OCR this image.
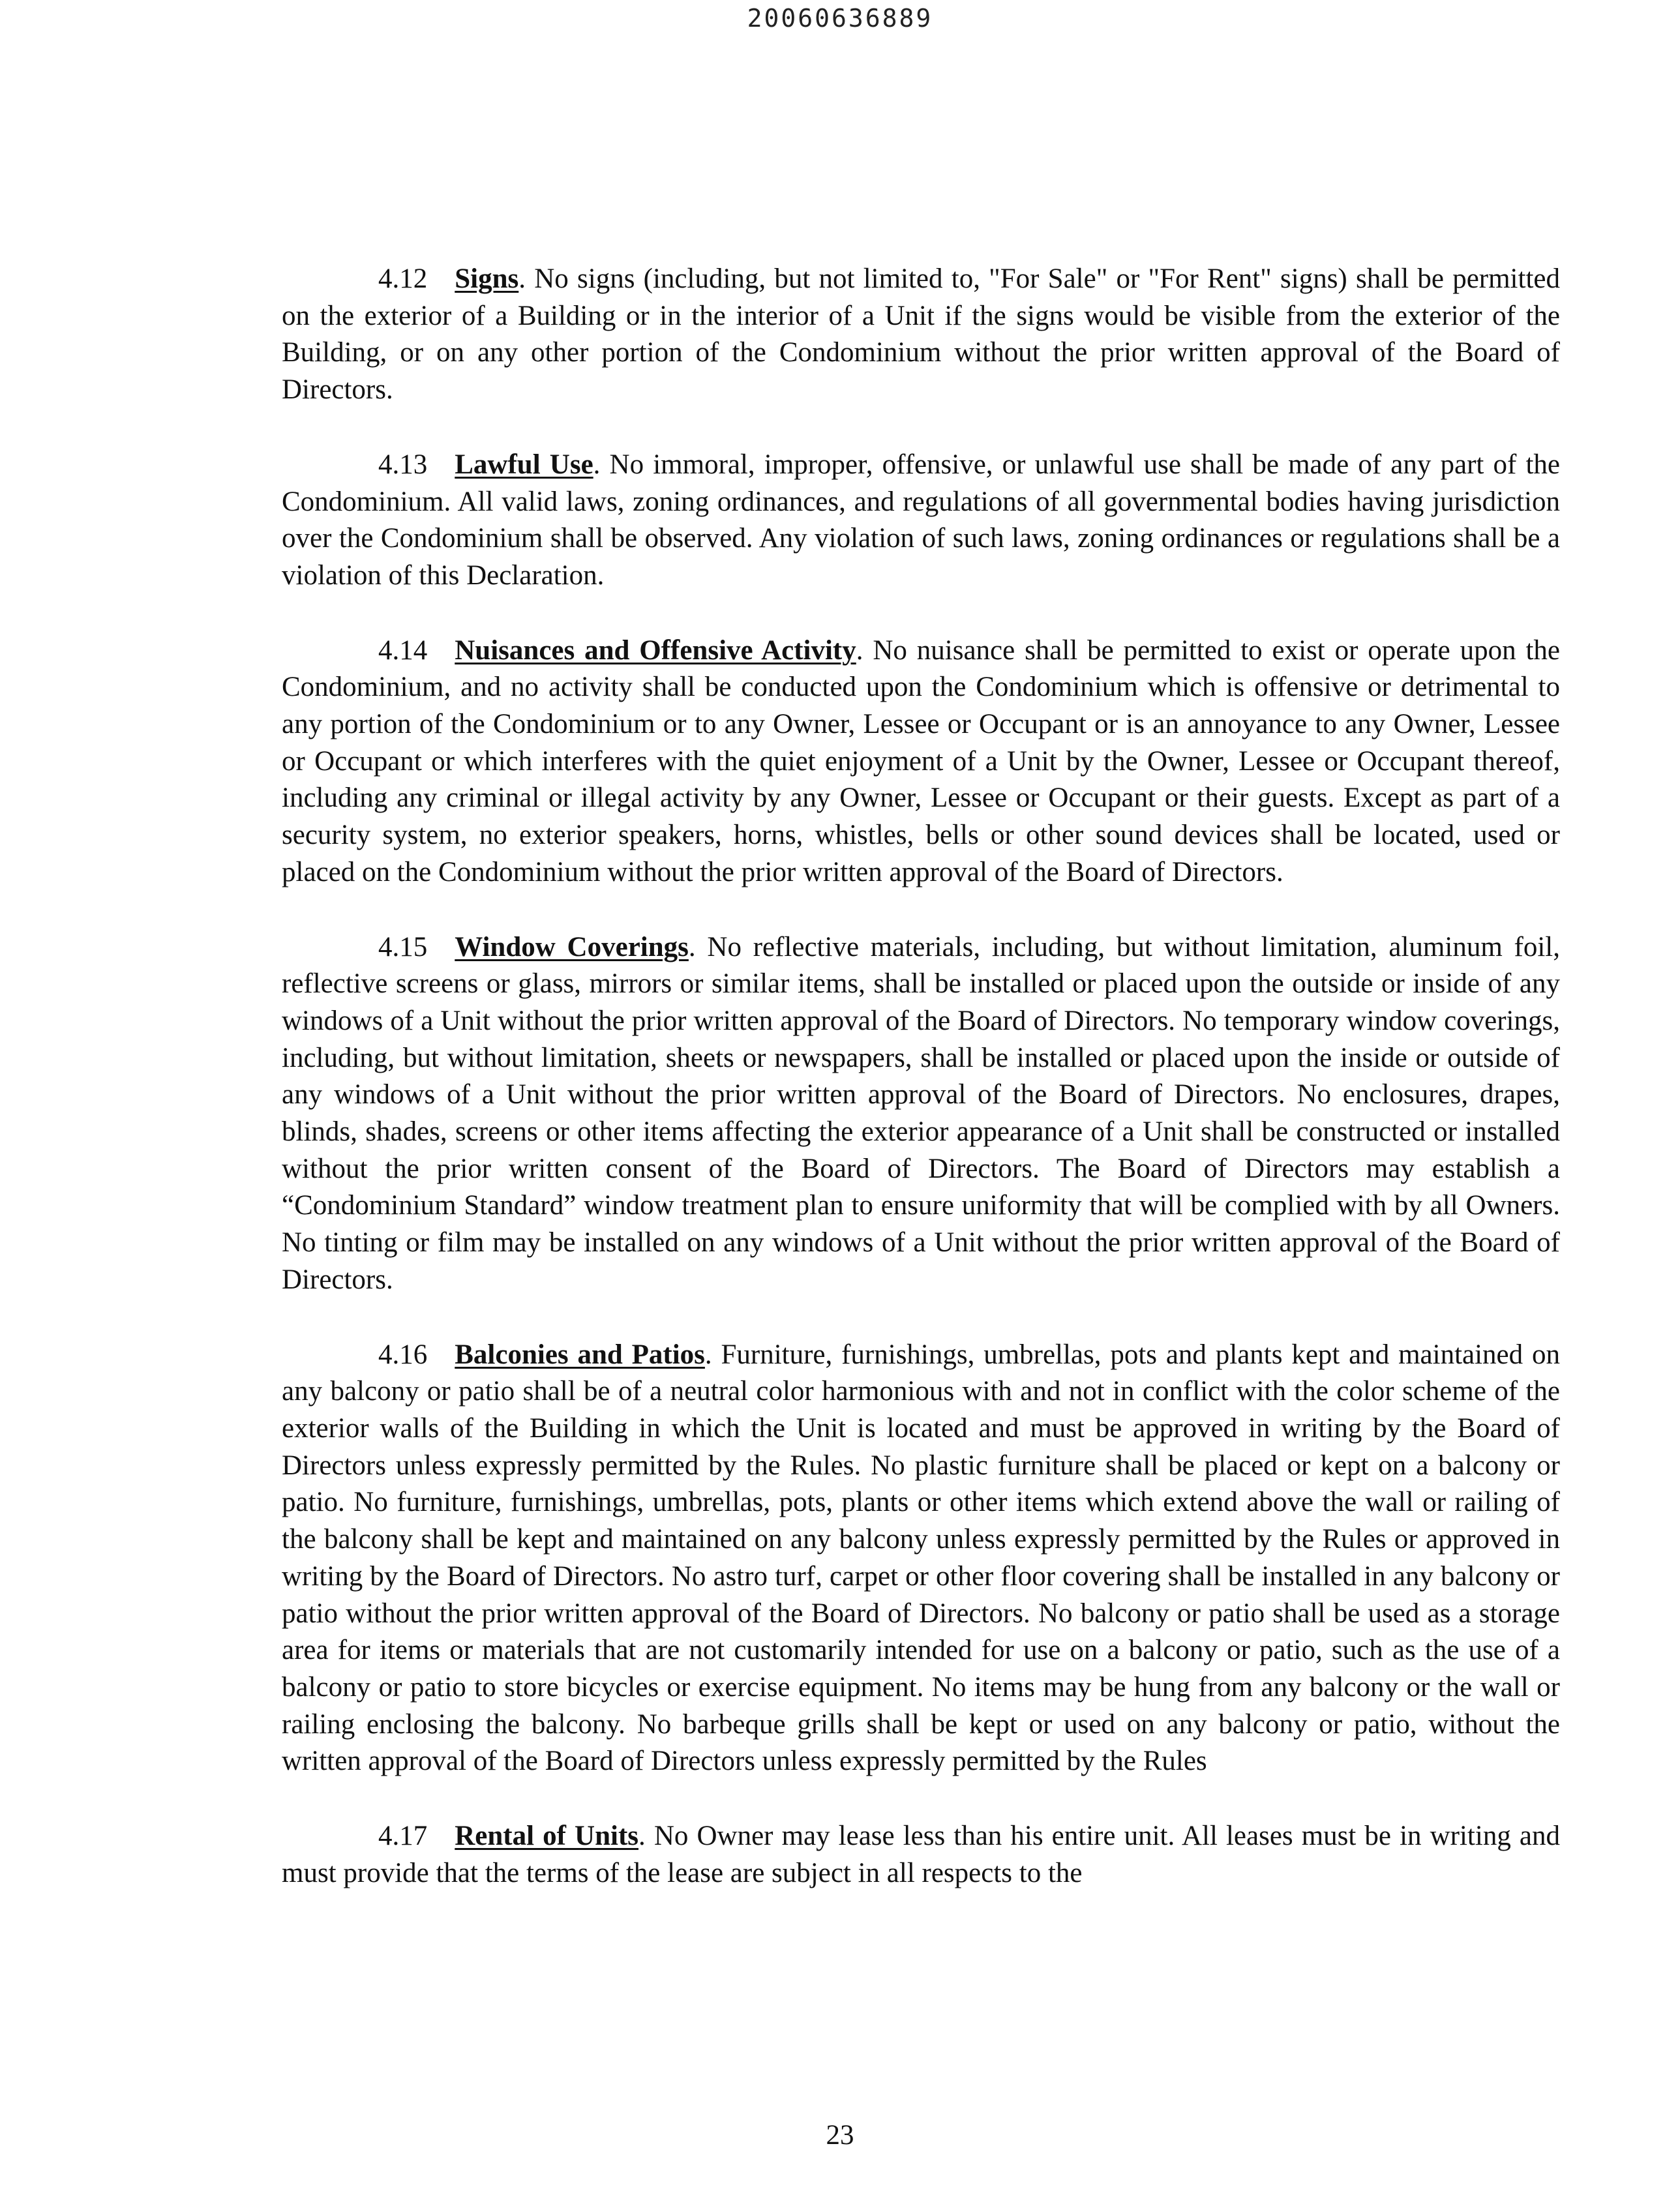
20060636889

4.12 Signs. No signs (including, but not limited to, "For Sale" or "For Rent" signs) shall be permitted on the exterior of a Building or in the interior of a Unit if the signs would be visible from the exterior of the Building, or on any other portion of the Condominium without the prior written approval of the Board of Directors.

4.13 Lawful Use. No immoral, improper, offensive, or unlawful use shall be made of any part of the Condominium. All valid laws, zoning ordinances, and regulations of all governmental bodies having jurisdiction over the Condominium shall be observed. Any violation of such laws, zoning ordinances or regulations shall be a violation of this Declaration.

4.14 Nuisances and Offensive Activity. No nuisance shall be permitted to exist or operate upon the Condominium, and no activity shall be conducted upon the Condominium which is offensive or detrimental to any portion of the Condominium or to any Owner, Lessee or Occupant or is an annoyance to any Owner, Lessee or Occupant or which interferes with the quiet enjoyment of a Unit by the Owner, Lessee or Occupant thereof, including any criminal or illegal activity by any Owner, Lessee or Occupant or their guests. Except as part of a security system, no exterior speakers, horns, whistles, bells or other sound devices shall be located, used or placed on the Condominium without the prior written approval of the Board of Directors.

4.15 Window Coverings. No reflective materials, including, but without limitation, aluminum foil, reflective screens or glass, mirrors or similar items, shall be installed or placed upon the outside or inside of any windows of a Unit without the prior written approval of the Board of Directors. No temporary window coverings, including, but without limitation, sheets or newspapers, shall be installed or placed upon the inside or outside of any windows of a Unit without the prior written approval of the Board of Directors. No enclosures, drapes, blinds, shades, screens or other items affecting the exterior appearance of a Unit shall be constructed or installed without the prior written consent of the Board of Directors. The Board of Directors may establish a “Condominium Standard” window treatment plan to ensure uniformity that will be complied with by all Owners. No tinting or film may be installed on any windows of a Unit without the prior written approval of the Board of Directors.

4.16 Balconies and Patios. Furniture, furnishings, umbrellas, pots and plants kept and maintained on any balcony or patio shall be of a neutral color harmonious with and not in conflict with the color scheme of the exterior walls of the Building in which the Unit is located and must be approved in writing by the Board of Directors unless expressly permitted by the Rules. No plastic furniture shall be placed or kept on a balcony or patio. No furniture, furnishings, umbrellas, pots, plants or other items which extend above the wall or railing of the balcony shall be kept and maintained on any balcony unless expressly permitted by the Rules or approved in writing by the Board of Directors. No astro turf, carpet or other floor covering shall be installed in any balcony or patio without the prior written approval of the Board of Directors. No balcony or patio shall be used as a storage area for items or materials that are not customarily intended for use on a balcony or patio, such as the use of a balcony or patio to store bicycles or exercise equipment. No items may be hung from any balcony or the wall or railing enclosing the balcony. No barbeque grills shall be kept or used on any balcony or patio, without the written approval of the Board of Directors unless expressly permitted by the Rules

4.17 Rental of Units. No Owner may lease less than his entire unit. All leases must be in writing and must provide that the terms of the lease are subject in all respects to the

23
